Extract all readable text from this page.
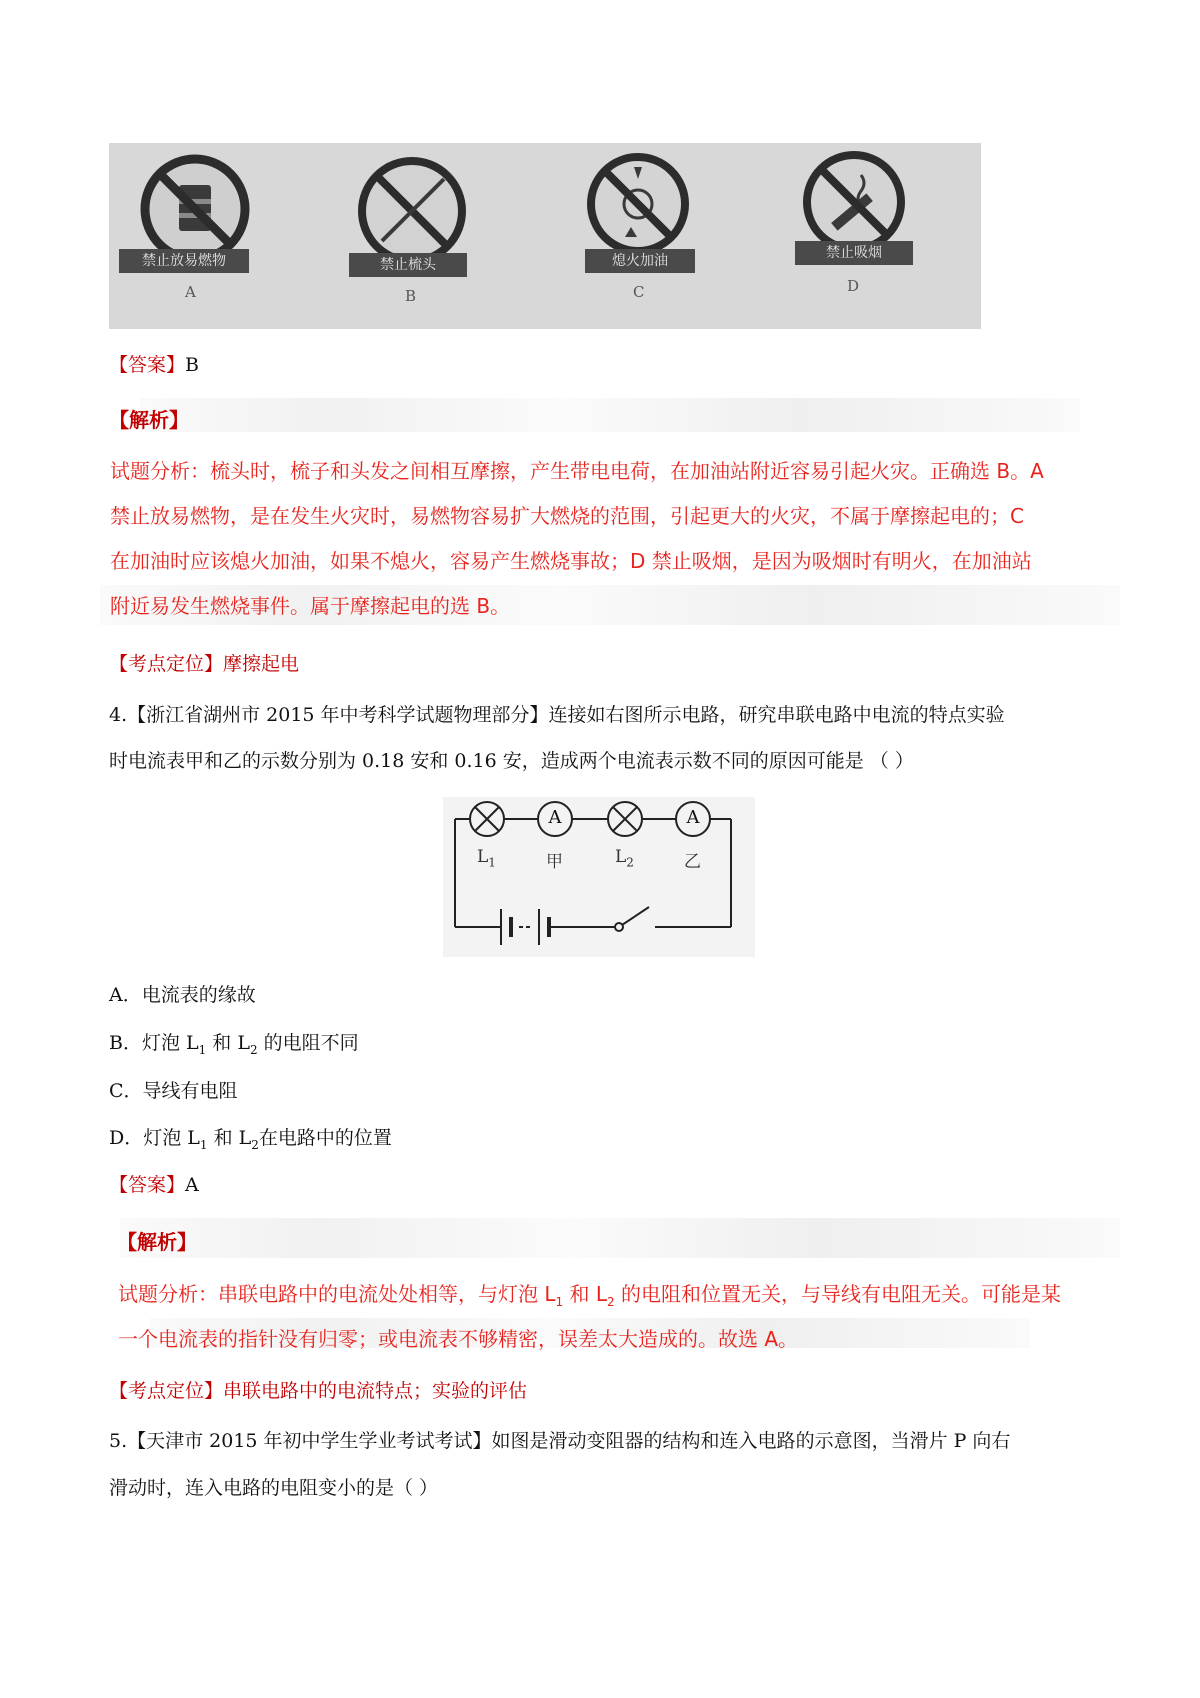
禁止放易燃物
A
禁止梳头
B
熄火加油
C
禁止吸烟
D
【答案】B
【解析】
试题分析：梳头时，梳子和头发之间相互摩擦，产生带电电荷，在加油站附近容易引起火灾。正确选 B。A
禁止放易燃物，是在发生火灾时，易燃物容易扩大燃烧的范围，引起更大的火灾，不属于摩擦起电的；C
在加油时应该熄火加油，如果不熄火，容易产生燃烧事故；D 禁止吸烟，是因为吸烟时有明火，在加油站
附近易发生燃烧事件。属于摩擦起电的选 B。
【考点定位】摩擦起电
4.【浙江省湖州市 2015 年中考科学试题物理部分】连接如右图所示电路，研究串联电路中电流的特点实验
时电流表甲和乙的示数分别为 0.18 安和 0.16 安，造成两个电流表示数不同的原因可能是 （ ）
A	A
$L_1$	甲	$L_2$	乙
A．电流表的缘故
B．灯泡 $L_1$ 和 $L_2$ 的电阻不同
C．导线有电阻
D．灯泡 $L_1$ 和 $L_2$在电路中的位置
【答案】A
【解析】
试题分析：串联电路中的电流处处相等，与灯泡 $L_1$ 和 $L_2$ 的电阻和位置无关，与导线有电阻无关。可能是某
一个电流表的指针没有归零；或电流表不够精密，误差太大造成的。故选 A。
【考点定位】串联电路中的电流特点；实验的评估
5.【天津市 2015 年初中学生学业考试考试】如图是滑动变阻器的结构和连入电路的示意图，当滑片 P 向右
滑动时，连入电路的电阻变小的是（ ）
